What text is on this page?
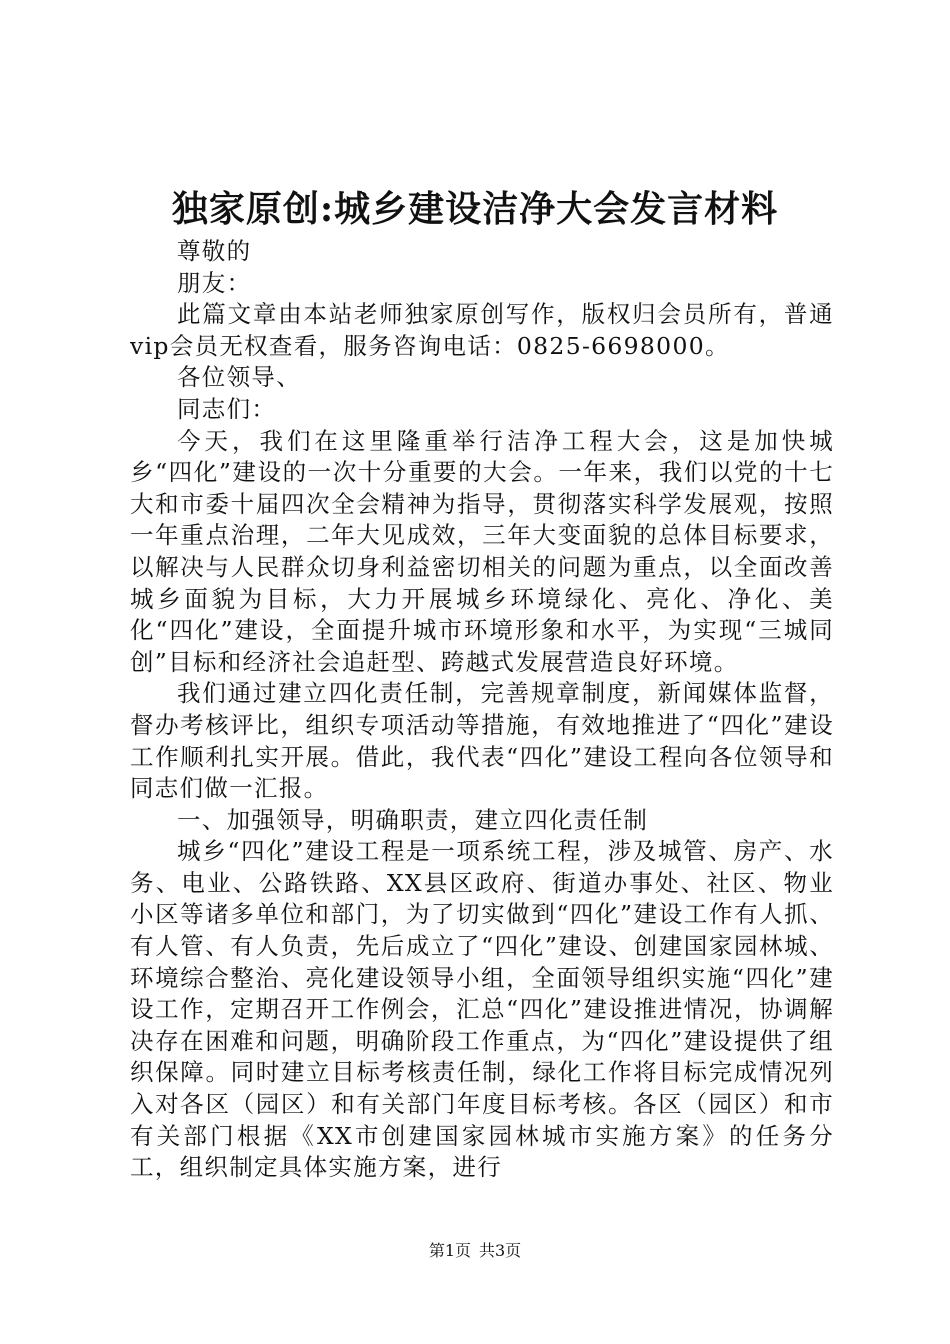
独家原创:城乡建设洁净大会发言材料

尊敬的

朋友：

此篇文章由本站老师独家原创写作，版权归会员所有，普通vip会员无权查看，服务咨询电话：0825-6698000。

各位领导、

同志们：

今天，我们在这里隆重举行洁净工程大会，这是加快城乡“四化”建设的一次十分重要的大会。一年来，我们以党的十七大和市委十届四次全会精神为指导，贯彻落实科学发展观，按照一年重点治理，二年大见成效，三年大变面貌的总体目标要求，以解决与人民群众切身利益密切相关的问题为重点，以全面改善城乡面貌为目标，大力开展城乡环境绿化、亮化、净化、美化“四化”建设，全面提升城市环境形象和水平，为实现“三城同创”目标和经济社会追赶型、跨越式发展营造良好环境。

我们通过建立四化责任制，完善规章制度，新闻媒体监督，督办考核评比，组织专项活动等措施，有效地推进了“四化”建设工作顺利扎实开展。借此，我代表“四化”建设工程向各位领导和同志们做一汇报。

一、加强领导，明确职责，建立四化责任制

城乡“四化”建设工程是一项系统工程，涉及城管、房产、水务、电业、公路铁路、XX县区政府、街道办事处、社区、物业小区等诸多单位和部门，为了切实做到“四化”建设工作有人抓、有人管、有人负责，先后成立了“四化”建设、创建国家园林城、环境综合整治、亮化建设领导小组，全面领导组织实施“四化”建设工作，定期召开工作例会，汇总“四化”建设推进情况，协调解决存在困难和问题，明确阶段工作重点，为“四化”建设提供了组织保障。同时建立目标考核责任制，绿化工作将目标完成情况列入对各区（园区）和有关部门年度目标考核。各区（园区）和市有关部门根据《XX市创建国家园林城市实施方案》的任务分工，组织制定具体实施方案，进行

第1页 共3页
